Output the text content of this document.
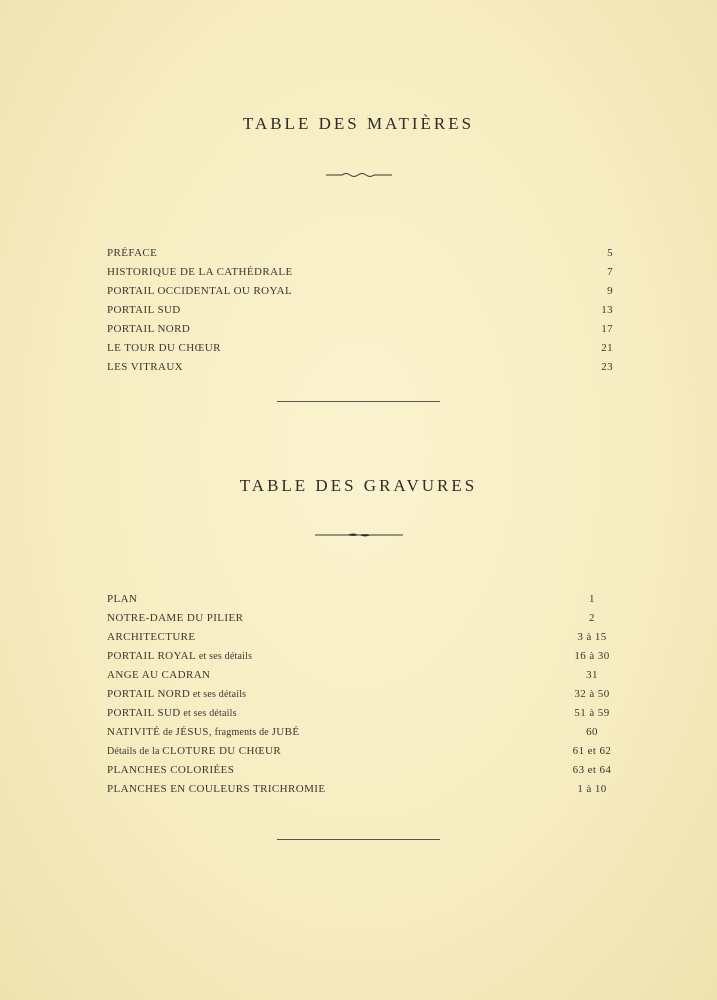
TABLE DES MATIÈRES
PRÉFACE	5
HISTORIQUE DE LA CATHÉDRALE	7
PORTAIL OCCIDENTAL OU ROYAL	9
PORTAIL SUD	13
PORTAIL NORD	17
LE TOUR DU CHŒUR	21
LES VITRAUX	23
TABLE DES GRAVURES
PLAN	1
NOTRE-DAME DU PILIER	2
ARCHITECTURE	3 à 15
PORTAIL ROYAL et ses détails	16 à 30
ANGE AU CADRAN	31
PORTAIL NORD et ses détails	32 à 50
PORTAIL SUD et ses détails	51 à 59
NATIVITÉ de JÉSUS, fragments de JUBÉ	60
Détails de la CLOTURE DU CHŒUR	61 et 62
PLANCHES COLORIÉES	63 et 64
PLANCHES EN COULEURS TRICHROMIE	1 à 10
